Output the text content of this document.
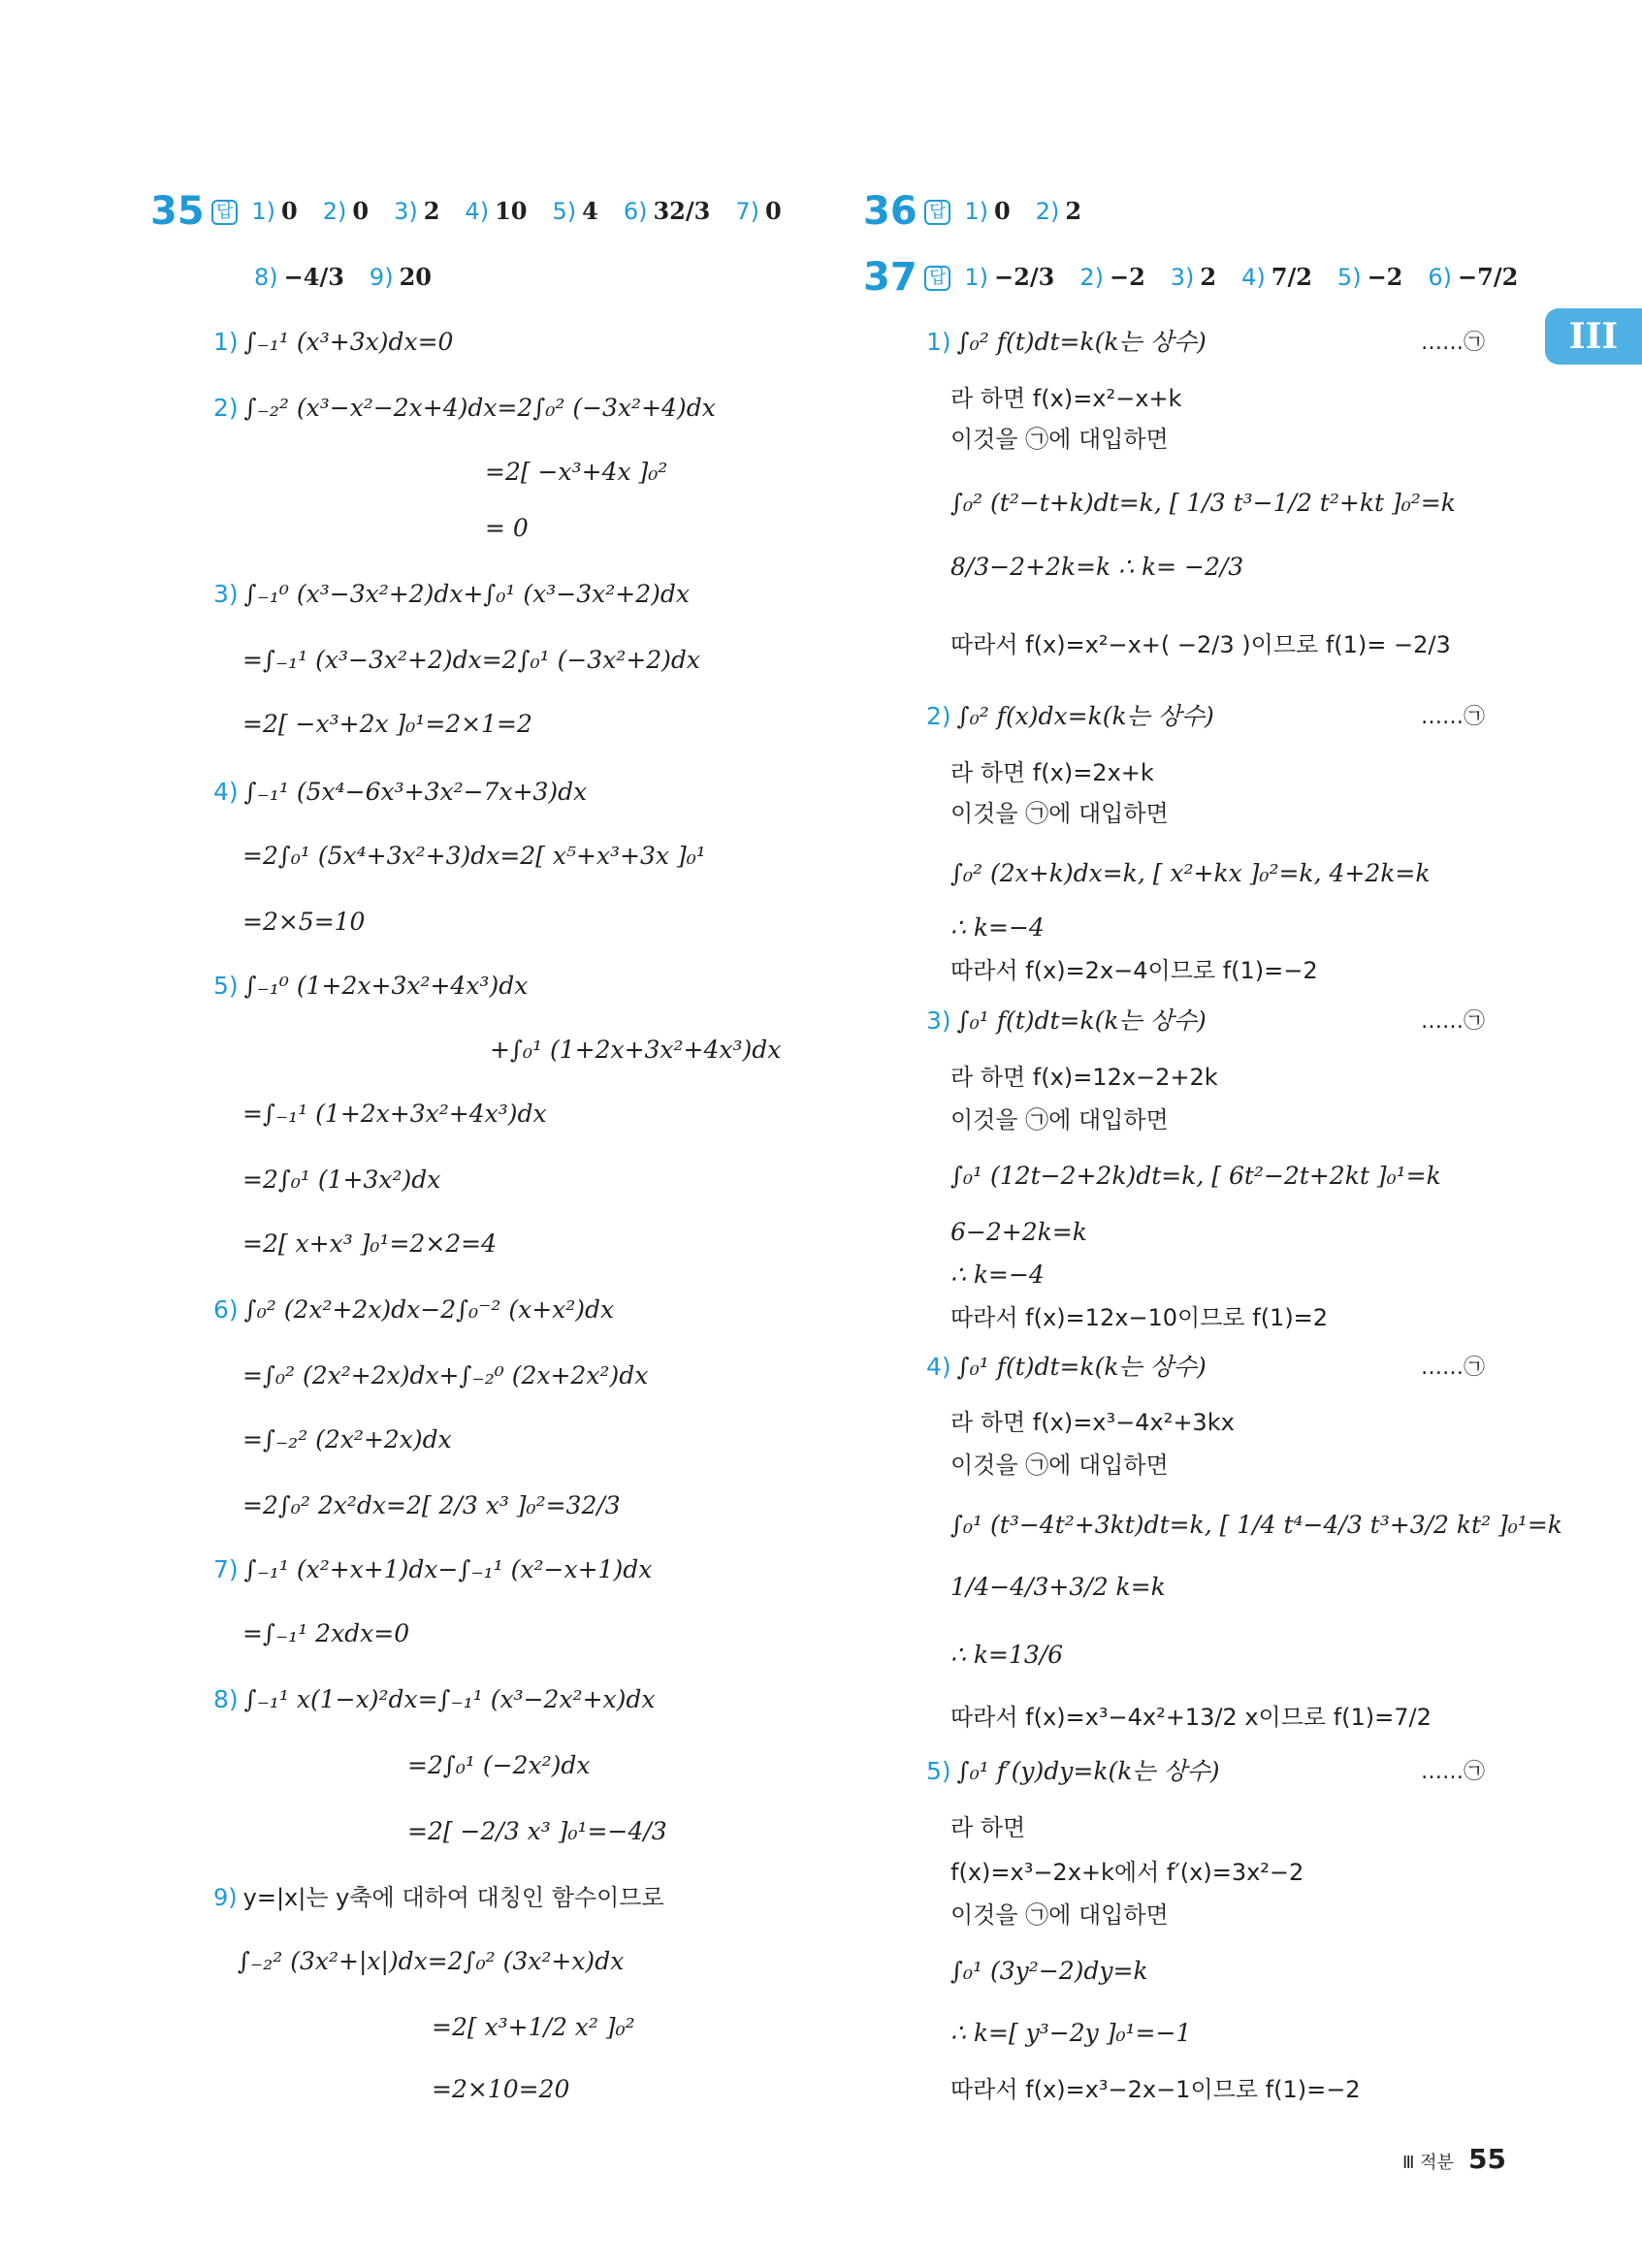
35 답 1) 0 2) 0 3) 2 4) 10 5) 4 6) 32/3 7) 0
8) −4/3 9) 20
36 답 1) 0 2) 2
37 답 1) −2/3 2) −2 3) 2 4) 7/2 5) −2 6) −7/2
1) ∫₋₁¹ (x³+3x)dx=0
2) ∫₋₂² (x³−x²−2x+4)dx=2∫₀² (−3x²+4)dx
=2[ −x³+4x ]₀²
= 0
3) ∫₋₁⁰ (x³−3x²+2)dx+∫₀¹ (x³−3x²+2)dx
=∫₋₁¹ (x³−3x²+2)dx=2∫₀¹ (−3x²+2)dx
=2[ −x³+2x ]₀¹=2×1=2
4) ∫₋₁¹ (5x⁴−6x³+3x²−7x+3)dx
=2∫₀¹ (5x⁴+3x²+3)dx=2[ x⁵+x³+3x ]₀¹
=2×5=10
5) ∫₋₁⁰ (1+2x+3x²+4x³)dx
+∫₀¹ (1+2x+3x²+4x³)dx
=∫₋₁¹ (1+2x+3x²+4x³)dx
=2∫₀¹ (1+3x²)dx
=2[ x+x³ ]₀¹=2×2=4
6) ∫₀² (2x²+2x)dx−2∫₀⁻² (x+x²)dx
=∫₀² (2x²+2x)dx+∫₋₂⁰ (2x+2x²)dx
=∫₋₂² (2x²+2x)dx
=2∫₀² 2x²dx=2[ 2/3 x³ ]₀²=32/3
7) ∫₋₁¹ (x²+x+1)dx−∫₋₁¹ (x²−x+1)dx
=∫₋₁¹ 2xdx=0
8) ∫₋₁¹ x(1−x)²dx=∫₋₁¹ (x³−2x²+x)dx
=2∫₀¹ (−2x²)dx
=2[ −2/3 x³ ]₀¹=−4/3
9) y=|x|는 y축에 대하여 대칭인 함수이므로
∫₋₂² (3x²+|x|)dx=2∫₀² (3x²+x)dx
=2[ x³+1/2 x² ]₀²
=2×10=20
1) ∫₀² f(t)dt=k(k는 상수)
라 하면 f(x)=x²−x+k
이것을 ㉠에 대입하면
∫₀² (t²−t+k)dt=k, [ 1/3 t³−1/2 t²+kt ]₀²=k
8/3−2+2k=k ∴ k= −2/3
따라서 f(x)=x²−x+( −2/3 )이므로 f(1)= −2/3
2) ∫₀² f(x)dx=k(k는 상수)
라 하면 f(x)=2x+k
이것을 ㉠에 대입하면
∫₀² (2x+k)dx=k, [ x²+kx ]₀²=k, 4+2k=k
∴ k=−4
따라서 f(x)=2x−4이므로 f(1)=−2
3) ∫₀¹ f(t)dt=k(k는 상수)
라 하면 f(x)=12x−2+2k
이것을 ㉠에 대입하면
∫₀¹ (12t−2+2k)dt=k, [ 6t²−2t+2kt ]₀¹=k
6−2+2k=k
∴ k=−4
따라서 f(x)=12x−10이므로 f(1)=2
4) ∫₀¹ f(t)dt=k(k는 상수)
라 하면 f(x)=x³−4x²+3kx
이것을 ㉠에 대입하면
∫₀¹ (t³−4t²+3kt)dt=k, [ 1/4 t⁴−4/3 t³+3/2 kt² ]₀¹=k
1/4−4/3+3/2 k=k
∴ k=13/6
따라서 f(x)=x³−4x²+13/2 x이므로 f(1)=7/2
5) ∫₀¹ f′(y)dy=k(k는 상수)
라 하면
f(x)=x³−2x+k에서 f′(x)=3x²−2
이것을 ㉠에 대입하면
∫₀¹ (3y²−2)dy=k
∴ k=[ y³−2y ]₀¹=−1
따라서 f(x)=x³−2x−1이므로 f(1)=−2
……㉠
……㉠
……㉠
……㉠
……㉠
III
Ⅲ 적분 55
